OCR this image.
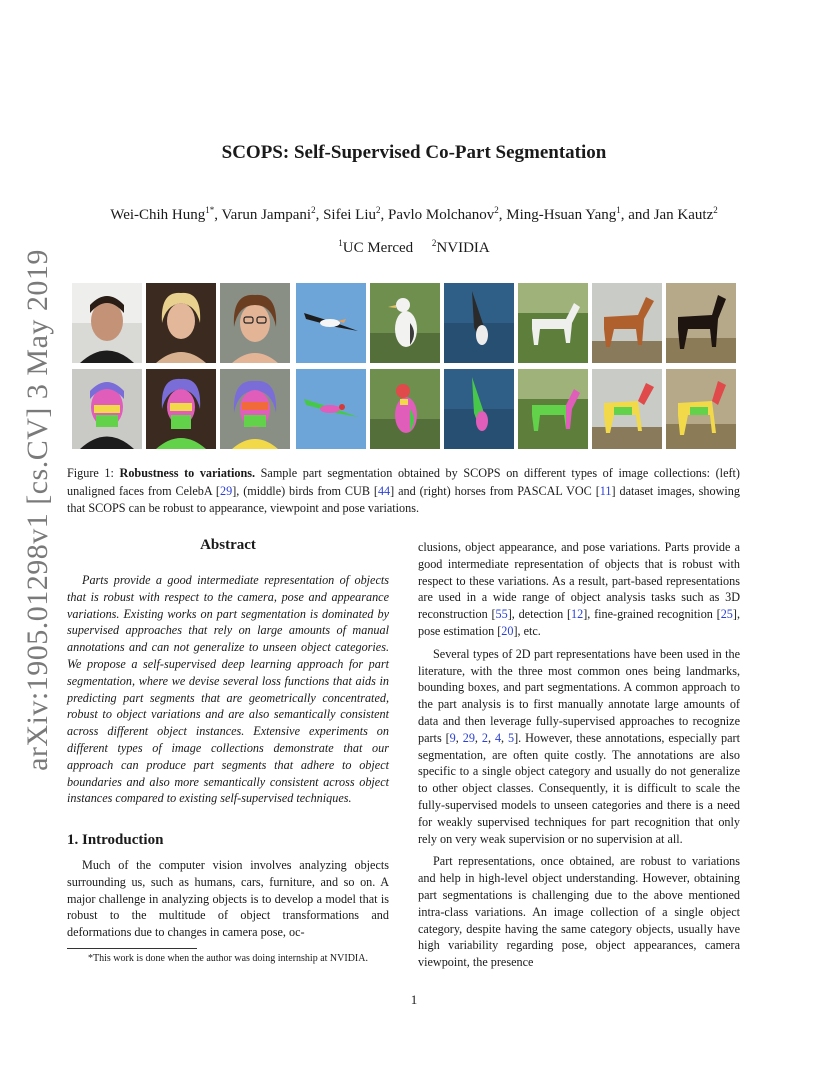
arXiv:1905.01298v1 [cs.CV] 3 May 2019
SCOPS: Self-Supervised Co-Part Segmentation
Wei-Chih Hung$^{1*}$, Varun Jampani$^2$, Sifei Liu$^2$, Pavlo Molchanov$^2$, Ming-Hsuan Yang$^1$, and Jan Kautz$^2$
$^1$UC Merced $^2$NVIDIA
Figure 1: Robustness to variations. Sample part segmentation obtained by SCOPS on different types of image collections: (left) unaligned faces from CelebA [29], (middle) birds from CUB [44] and (right) horses from PASCAL VOC [11] dataset images, showing that SCOPS can be robust to appearance, viewpoint and pose variations.
Abstract

Parts provide a good intermediate representation of objects that is robust with respect to the camera, pose and appearance variations. Existing works on part segmentation is dominated by supervised approaches that rely on large amounts of manual annotations and can not generalize to unseen object categories. We propose a self-supervised deep learning approach for part segmentation, where we devise several loss functions that aids in predicting part segments that are geometrically concentrated, robust to object variations and are also semantically consistent across different object instances. Extensive experiments on different types of image collections demonstrate that our approach can produce part segments that adhere to object boundaries and also more semantically consistent across object instances compared to existing self-supervised techniques.

1. Introduction

Much of the computer vision involves analyzing objects surrounding us, such as humans, cars, furniture, and so on. A major challenge in analyzing objects is to develop a model that is robust to the multitude of object transformations and deformations due to changes in camera pose, oc-

*This work is done when the author was doing internship at NVIDIA.

clusions, object appearance, and pose variations. Parts provide a good intermediate representation of objects that is robust with respect to these variations. As a result, part-based representations are used in a wide range of object analysis tasks such as 3D reconstruction [55], detection [12], fine-grained recognition [25], pose estimation [20], etc.

Several types of 2D part representations have been used in the literature, with the three most common ones being landmarks, bounding boxes, and part segmentations. A common approach to the part analysis is to first manually annotate large amounts of data and then leverage fully-supervised approaches to recognize parts [9, 29, 2, 4, 5]. However, these annotations, especially part segmentation, are often quite costly. The annotations are also specific to a single object category and usually do not generalize to other object classes. Consequently, it is difficult to scale the fully-supervised models to unseen categories and there is a need for weakly supervised techniques for part recognition that only rely on very weak supervision or no supervision at all.

Part representations, once obtained, are robust to variations and help in high-level object understanding. However, obtaining part segmentations is challenging due to the above mentioned intra-class variations. An image collection of a single object category, despite having the same category objects, usually have high variability regarding pose, object appearances, camera viewpoint, the presence

1
